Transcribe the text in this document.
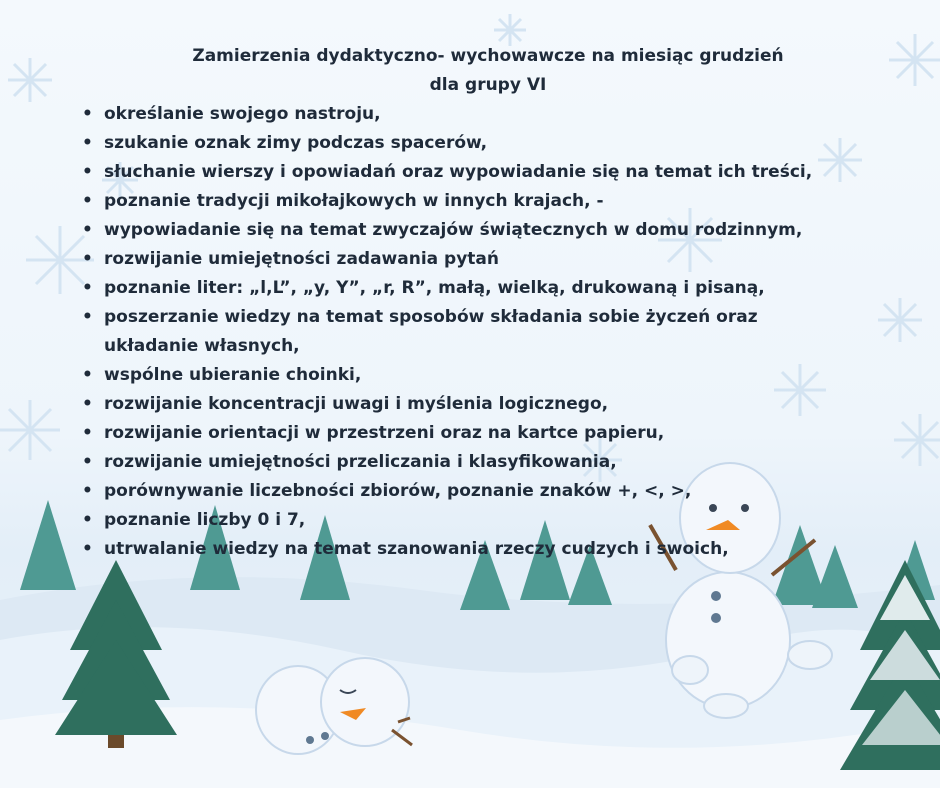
Zamierzenia dydaktyczno- wychowawcze na miesiąc grudzień
dla grupy VI
• określanie swojego nastroju,
• szukanie oznak zimy podczas spacerów,
• słuchanie wierszy i opowiadań oraz wypowiadanie się na temat ich treści,
• poznanie tradycji mikołajkowych w innych krajach, -
• wypowiadanie się na temat zwyczajów świątecznych w domu rodzinnym,
• rozwijanie umiejętności zadawania pytań
• poznanie liter: „l,L”, „y, Y”, „r, R”, małą, wielką, drukowaną i pisaną,
• poszerzanie wiedzy na temat sposobów składania sobie życzeń oraz
układanie własnych,
• wspólne ubieranie choinki,
• rozwijanie koncentracji uwagi i myślenia logicznego,
• rozwijanie orientacji w przestrzeni oraz na kartce papieru,
• rozwijanie umiejętności przeliczania i klasyfikowania,
• porównywanie liczebności zbiorów, poznanie znaków +, <, >,
• poznanie liczby 0 i 7,
• utrwalanie wiedzy na temat szanowania rzeczy cudzych i swoich,
